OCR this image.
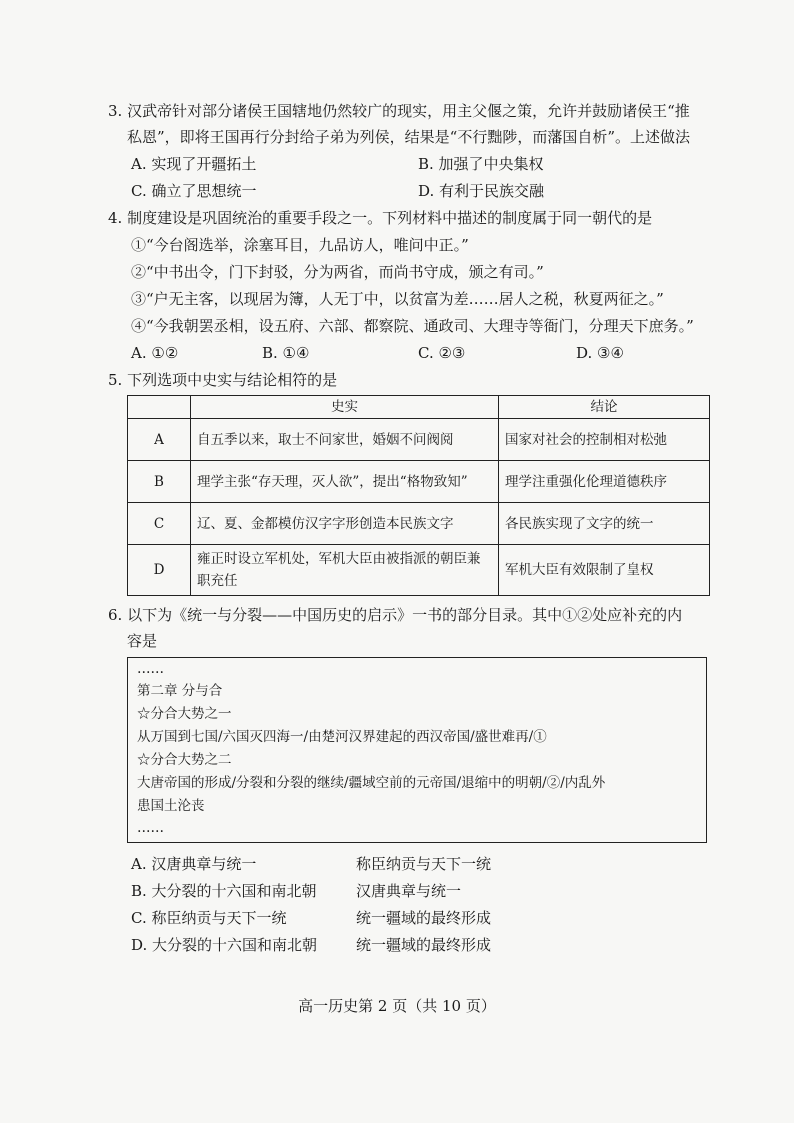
3. 汉武帝针对部分诸侯王国辖地仍然较广的现实，用主父偃之策，允许并鼓励诸侯王“推
私恩”，即将王国再行分封给子弟为列侯，结果是“不行黜陟，而藩国自析”。上述做法
A. 实现了开疆拓土	B. 加强了中央集权
C. 确立了思想统一	D. 有利于民族交融
4. 制度建设是巩固统治的重要手段之一。下列材料中描述的制度属于同一朝代的是
①“今台阁选举，涂塞耳目，九品访人，唯问中正。”
②“中书出令，门下封驳，分为两省，而尚书守成，颁之有司。”
③“户无主客，以现居为簿，人无丁中，以贫富为差……居人之税，秋夏两征之。”
④“今我朝罢丞相，设五府、六部、都察院、通政司、大理寺等衙门，分理天下庶务。”
A. ①②	B. ①④	C. ②③	D. ③④
5. 下列选项中史实与结论相符的是
	史实	结论
A	自五季以来，取士不问家世，婚姻不问阀阅	国家对社会的控制相对松弛
B	理学主张“存天理，灭人欲”，提出“格物致知”	理学注重强化伦理道德秩序
C	辽、夏、金都模仿汉字字形创造本民族文字	各民族实现了文字的统一
D	雍正时设立军机处，军机大臣由被指派的朝臣兼职充任	军机大臣有效限制了皇权
6. 以下为《统一与分裂——中国历史的启示》一书的部分目录。其中①②处应补充的内
容是
……
第二章 分与合
☆分合大势之一
从万国到七国/六国灭四海一/由楚河汉界建起的西汉帝国/盛世难再/①
☆分合大势之二
大唐帝国的形成/分裂和分裂的继续/疆域空前的元帝国/退缩中的明朝/②/内乱外
患国土沦丧
……
A. 汉唐典章与统一	称臣纳贡与天下一统
B. 大分裂的十六国和南北朝	汉唐典章与统一
C. 称臣纳贡与天下一统	统一疆域的最终形成
D. 大分裂的十六国和南北朝	统一疆域的最终形成
高一历史第 2 页（共 10 页）
